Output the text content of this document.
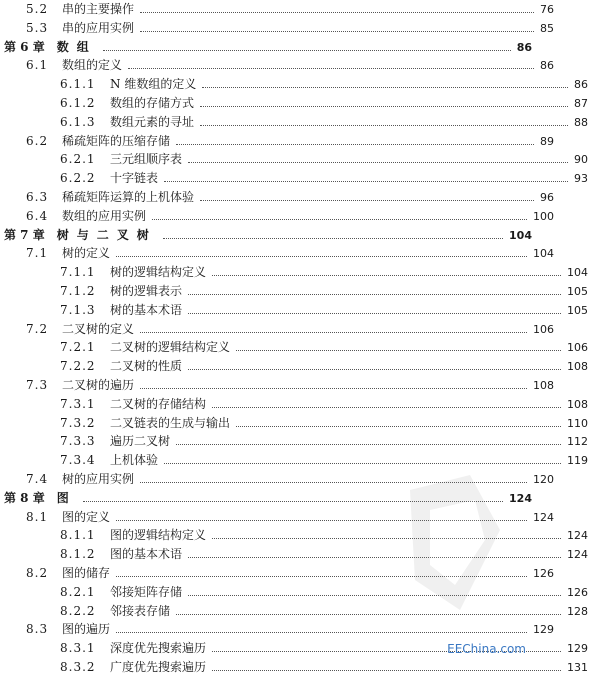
5.2	串的主要操作	76
5.3	串的应用实例	85
第 6 章 数组	86
6.1	数组的定义	86
6.1.1	N 维数组的定义	86
6.1.2	数组的存储方式	87
6.1.3	数组元素的寻址	88
6.2	稀疏矩阵的压缩存储	89
6.2.1	三元组顺序表	90
6.2.2	十字链表	93
6.3	稀疏矩阵运算的上机体验	96
6.4	数组的应用实例	100
第 7 章 树与二叉树	104
7.1	树的定义	104
7.1.1	树的逻辑结构定义	104
7.1.2	树的逻辑表示	105
7.1.3	树的基本术语	105
7.2	二叉树的定义	106
7.2.1	二叉树的逻辑结构定义	106
7.2.2	二叉树的性质	108
7.3	二叉树的遍历	108
7.3.1	二叉树的存储结构	108
7.3.2	二叉链表的生成与输出	110
7.3.3	遍历二叉树	112
7.3.4	上机体验	119
7.4	树的应用实例	120
第 8 章 图	124
8.1	图的定义	124
8.1.1	图的逻辑结构定义	124
8.1.2	图的基本术语	124
8.2	图的储存	126
8.2.1	邻接矩阵存储	126
8.2.2	邻接表存储	128
8.3	图的遍历	129
8.3.1	深度优先搜索遍历	129
8.3.2	广度优先搜索遍历	131
EEChina.com
